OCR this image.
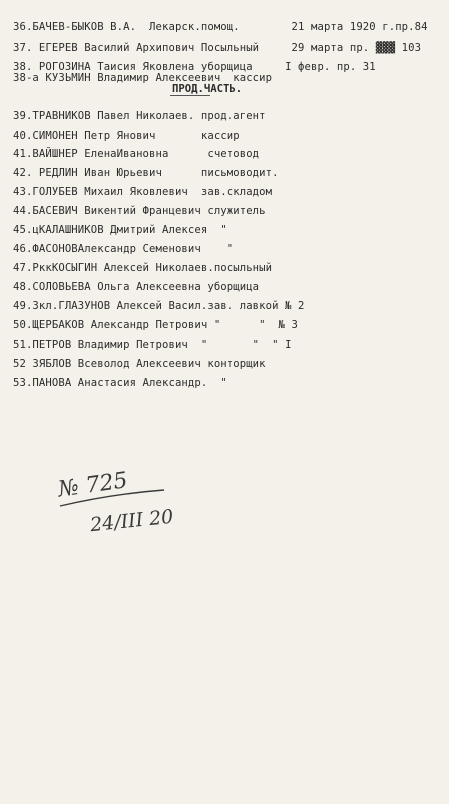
36.БАЧЕВ-БЫКОВ В.А.  Лекарск.помощ.        21 марта 1920 г.пр.84
37. ЕГЕРЕВ Василий Архипович Посыльный     29 марта пр. ▓▓▓ 103
38. РОГОЗИНА Таисия Яковлена уборщица     I февр. пр. 31
38-а КУЗЬМИН Владимир Алексеевич  кассир
ПРОД.ЧАСТЬ.
39.ТРАВНИКОВ Павел Николаев. прод.агент
40.СИМОНЕН Петр Янович       кассир
41.ВАЙШНЕР ЕленаИвановна      счетовод
42. РЕДЛИН Иван Юрьевич      письмоводит.
43.ГОЛУБЕВ Михаил Яковлевич  зав.складом
44.БАСЕВИЧ Викентий Францевич служитель
45.цКАЛАШНИКОВ Дмитрий Алексея  "
46.ФАСОНОВАлександр Семенович    "
47.РккКОСЫГИН Алексей Николаев.посыльный
48.СОЛОВЬЕВА Ольга Алексеевна уборщица
49.Зкл.ГЛАЗУНОВ Алексей Васил.зав. лавкой № 2
50.ЩЕРБАКОВ Александр Петрович "      "  № 3
51.ПЕТРОВ Владимир Петрович  "       "  " I
52 ЗЯБЛОВ Всеволод Алексеевич конторщик
53.ПАНОВА Анастасия Александр.  "
№ 725
24/III 20
